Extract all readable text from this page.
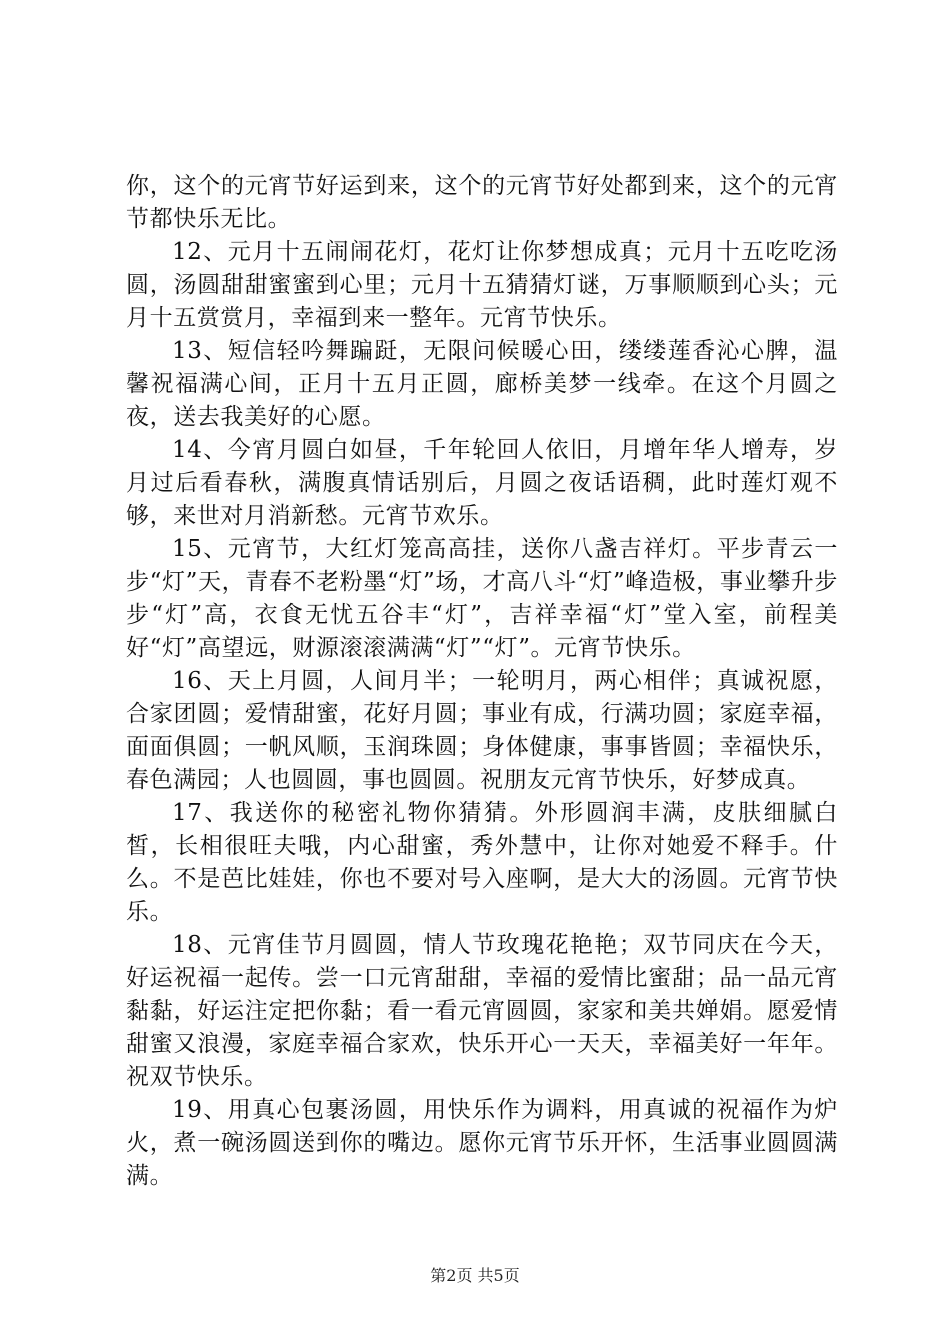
你，这个的元宵节好运到来，这个的元宵节好处都到来，这个的元宵节都快乐无比。

12、元月十五闹闹花灯，花灯让你梦想成真；元月十五吃吃汤圆，汤圆甜甜蜜蜜到心里；元月十五猜猜灯谜，万事顺顺到心头；元月十五赏赏月，幸福到来一整年。元宵节快乐。

13、短信轻吟舞蹁跹，无限问候暖心田，缕缕莲香沁心脾，温馨祝福满心间，正月十五月正圆，廊桥美梦一线牵。在这个月圆之夜，送去我美好的心愿。

14、今宵月圆白如昼，千年轮回人依旧，月增年华人增寿，岁月过后看春秋，满腹真情话别后，月圆之夜话语稠，此时莲灯观不够，来世对月消新愁。元宵节欢乐。

15、元宵节，大红灯笼高高挂，送你八盏吉祥灯。平步青云一步“灯”天，青春不老粉墨“灯”场，才高八斗“灯”峰造极，事业攀升步步“灯”高，衣食无忧五谷丰“灯”，吉祥幸福“灯”堂入室，前程美好“灯”高望远，财源滚滚满满“灯”“灯”。元宵节快乐。

16、天上月圆，人间月半；一轮明月，两心相伴；真诚祝愿，合家团圆；爱情甜蜜，花好月圆；事业有成，行满功圆；家庭幸福，面面俱圆；一帆风顺，玉润珠圆；身体健康，事事皆圆；幸福快乐，春色满园；人也圆圆，事也圆圆。祝朋友元宵节快乐，好梦成真。

17、我送你的秘密礼物你猜猜。外形圆润丰满，皮肤细腻白皙，长相很旺夫哦，内心甜蜜，秀外慧中，让你对她爱不释手。什么。不是芭比娃娃，你也不要对号入座啊，是大大的汤圆。元宵节快乐。

18、元宵佳节月圆圆，情人节玫瑰花艳艳；双节同庆在今天，好运祝福一起传。尝一口元宵甜甜，幸福的爱情比蜜甜；品一品元宵黏黏，好运注定把你黏；看一看元宵圆圆，家家和美共婵娟。愿爱情甜蜜又浪漫，家庭幸福合家欢，快乐开心一天天，幸福美好一年年。祝双节快乐。

19、用真心包裹汤圆，用快乐作为调料，用真诚的祝福作为炉火，煮一碗汤圆送到你的嘴边。愿你元宵节乐开怀，生活事业圆圆满满。

第2页 共5页
